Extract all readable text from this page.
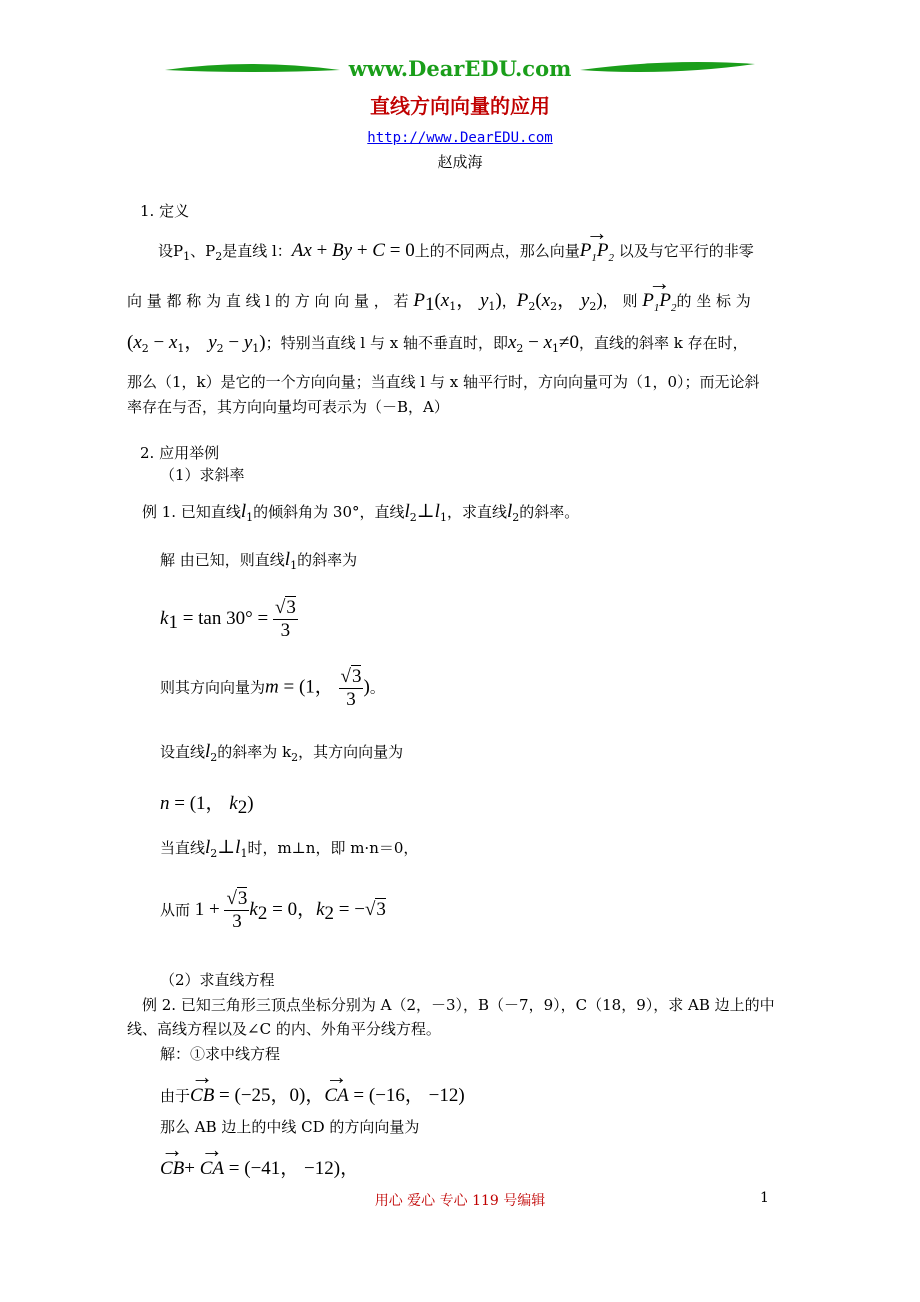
www.DearEDU.com
直线方向向量的应用
http://www.DearEDU.com
赵成海
1. 定义
设$P_1$、$P_2$是直线 l：Ax + By + C = 0上的不同两点，那么向量→ $P_1P_2$ 以及与它平行的非零
向 量 都 称 为 直 线 l 的 方 向 向 量 ， 若 $P_1(x_1$， $y_1$)，$P_2(x_2$， $y_2$)， 则 → $P_1P_2$的 坐 标 为
($x_2 - x_1$， $y_2 - y_1$)；特别当直线 l 与 x 轴不垂直时，即$x_2 - x_1\ne 0$，直线的斜率 k 存在时，
那么（1，k）是它的一个方向向量；当直线 l 与 x 轴平行时，方向向量可为（1，0）；而无论斜
率存在与否，其方向向量均可表示为（－B，A）
2. 应用举例
（1）求斜率
例 1. 已知直线$l_1$的倾斜角为 30°，直线$l_2\perp l_1$，求直线$l_2$的斜率。
解 由已知，则直线$l_1$的斜率为
$k_1 = \tan 30^\circ = \frac{√3}{3}$
则其方向向量为m = (1， $\frac{√3}{3}$ )。
设直线$l_2$的斜率为 $k_2$，其方向向量为
n = (1， $k_2$)
当直线$l_2\perp l_1$时，m⊥n，即 m·n＝0，
从而 $1 + \frac{√3}{3} k_2 = 0$，$k_2 = -√3$
（2）求直线方程
例 2. 已知三角形三顶点坐标分别为 A（2，－3），B（－7，9），C（18，9），求 AB 边上的中
线、高线方程以及∠C 的内、外角平分线方程。
解：①求中线方程
由于→ CB = (−25，0)，→ CA = (−16， −12)
那么 AB 边上的中线 CD 的方向向量为
→ CB+ → CA = (−41， −12)，
用心 爱心 专心 119 号编辑	1
